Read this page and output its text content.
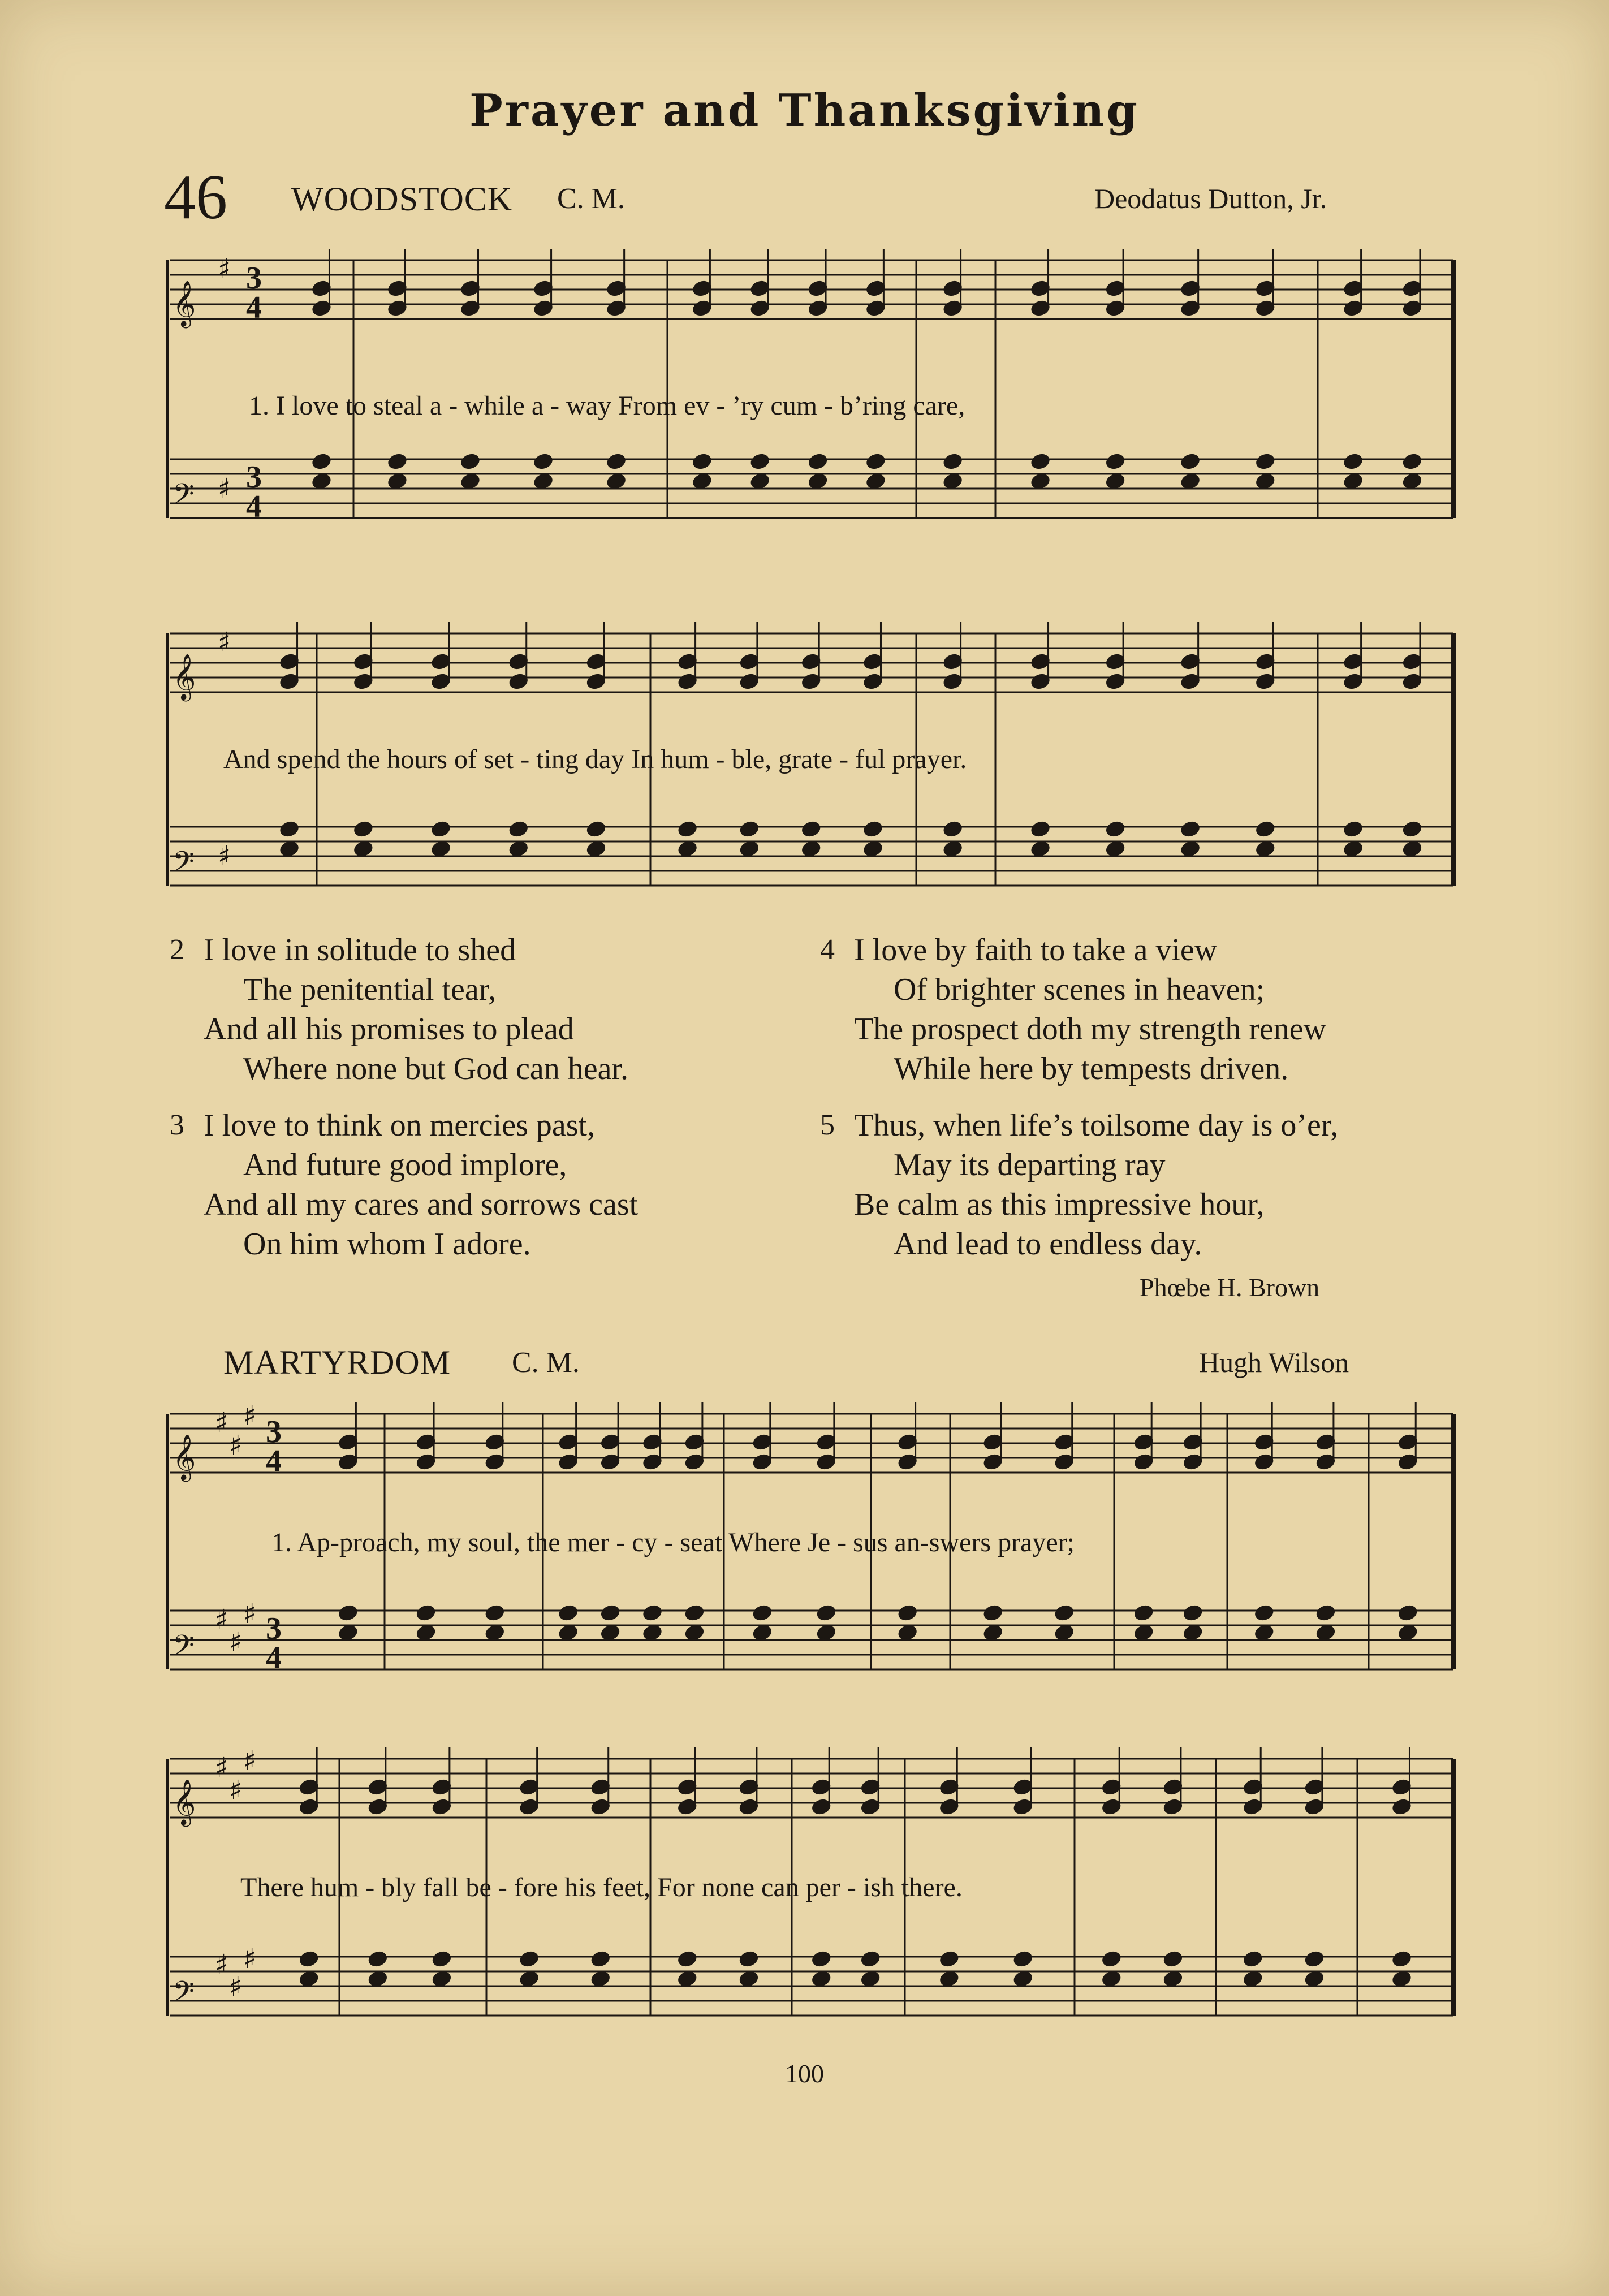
Prayer and Thanksgiving
46 WOODSTOCK C. M.	Deodatus Dutton, Jr.
𝄞
𝄢
𝄞
𝄢
𝄞
𝄢
𝄞
𝄢
3
4
3
4
3
4
3
4
♯
♯
♯
♯
♯
♯
♯
♯
♯
♯
♯
♯
♯
♯
♯
♯
1. I love to steal a - while a - way From ev - ’ry cum - b’ring care,
And spend the hours of set - ting day In hum - ble, grate - ful prayer.
2 I love in solitude to shed
The penitential tear,
And all his promises to plead
Where none but God can hear.
3 I love to think on mercies past,
And future good implore,
And all my cares and sorrows cast
On him whom I adore.
4 I love by faith to take a view
Of brighter scenes in heaven;
The prospect doth my strength renew
While here by tempests driven.
5 Thus, when life’s toilsome day is o’er,
May its departing ray
Be calm as this impressive hour,
And lead to endless day.
Phœbe H. Brown
MARTYRDOM C. M.	Hugh Wilson
1. Ap-proach, my soul, the mer - cy - seat Where Je - sus an-swers prayer;
There hum - bly fall be - fore his feet, For none can per - ish there.
100
